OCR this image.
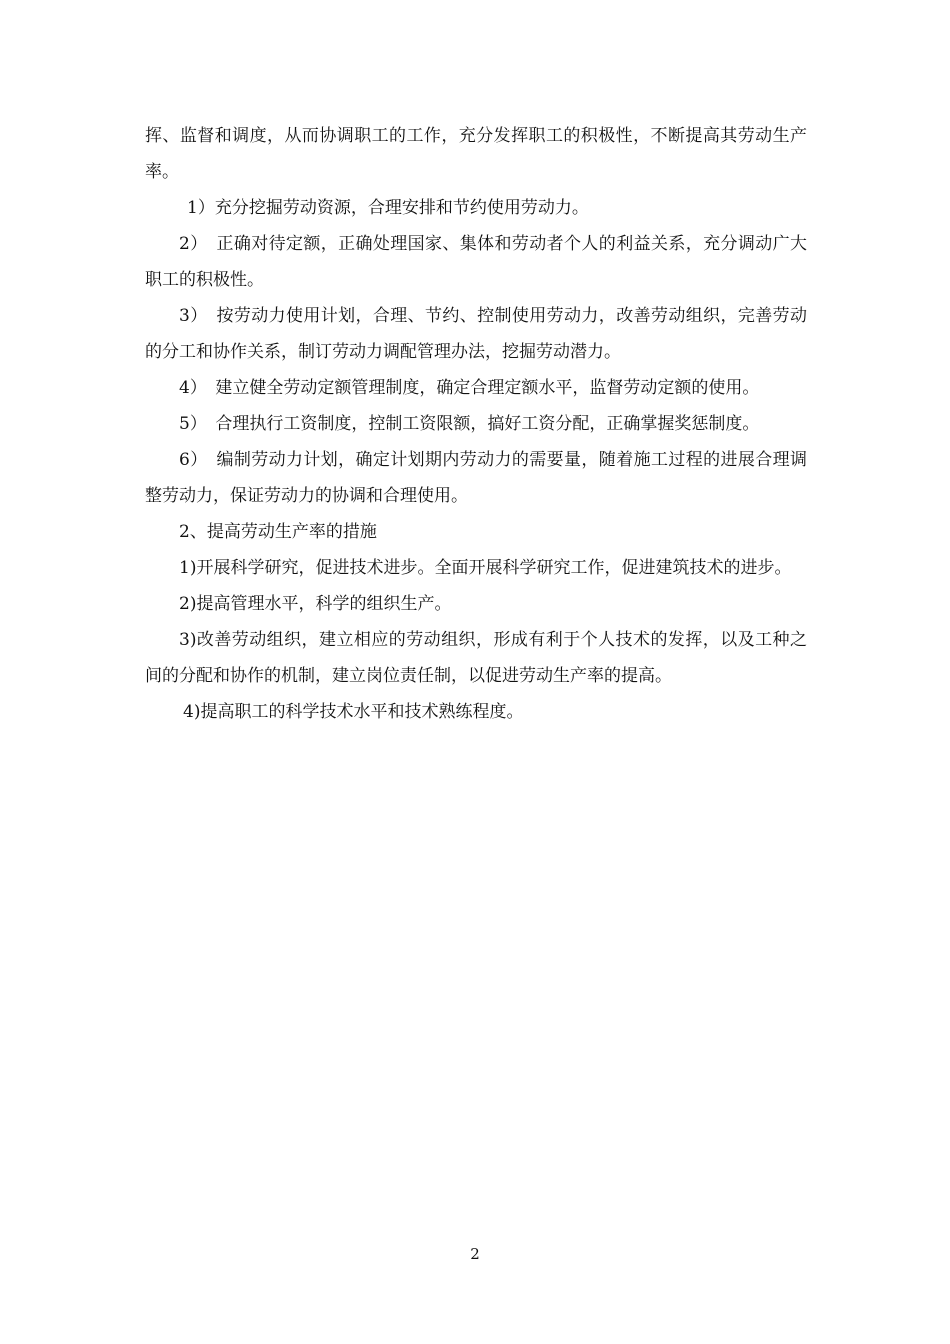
挥、监督和调度，从而协调职工的工作，充分发挥职工的积极性，不断提高其劳动生产率。

1）充分挖掘劳动资源，合理安排和节约使用劳动力。

2）　正确对待定额，正确处理国家、集体和劳动者个人的利益关系，充分调动广大职工的积极性。

3）　按劳动力使用计划，合理、节约、控制使用劳动力，改善劳动组织，完善劳动的分工和协作关系，制订劳动力调配管理办法，挖掘劳动潜力。

4）　建立健全劳动定额管理制度，确定合理定额水平，监督劳动定额的使用。

5）　合理执行工资制度，控制工资限额，搞好工资分配，正确掌握奖惩制度。

6）　编制劳动力计划，确定计划期内劳动力的需要量，随着施工过程的进展合理调整劳动力，保证劳动力的协调和合理使用。

2、提高劳动生产率的措施

1)开展科学研究，促进技术进步。全面开展科学研究工作，促进建筑技术的进步。

2)提高管理水平，科学的组织生产。

3)改善劳动组织，建立相应的劳动组织，形成有利于个人技术的发挥，以及工种之间的分配和协作的机制，建立岗位责任制，以促进劳动生产率的提高。

4)提高职工的科学技术水平和技术熟练程度。

2
